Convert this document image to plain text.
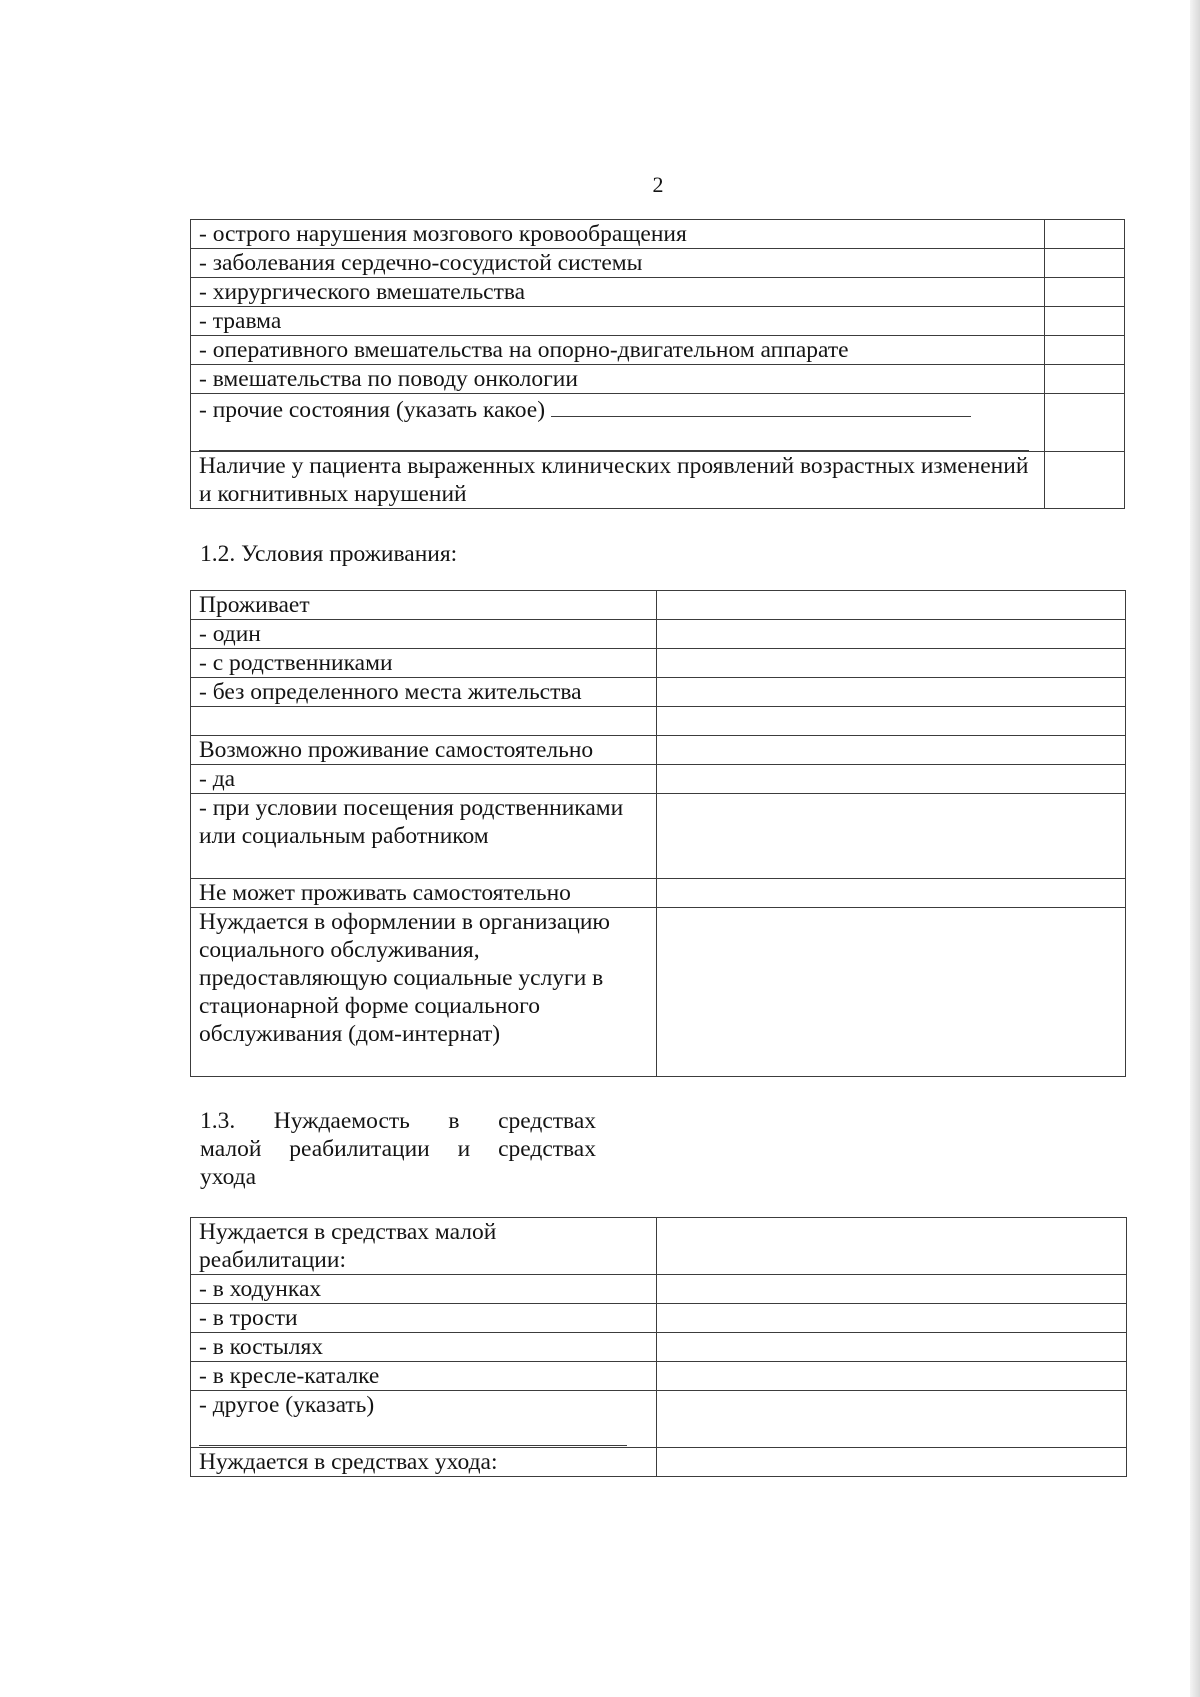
2
- острого нарушения мозгового кровообращения	
- заболевания сердечно-сосудистой системы	
- хирургического вмешательства	
- травма	
- оперативного вмешательства на опорно-двигательном аппарате	
- вмешательства по поводу онкологии	
- прочие состояния (указать какое)

Наличие у пациента выраженных клинических проявлений возрастных изменений и когнитивных нарушений	
1.2. Условия проживания:
Проживает	
- один	
- с родственниками	
- без определенного места жительства	

Возможно проживание самостоятельно	
- да	
- при условии посещения родственниками или социальным работником	
Не может проживать самостоятельно	
Нуждается в оформлении в организацию социального обслуживания, предоставляющую социальные услуги в стационарной форме социального обслуживания (дом-интернат)	
1.3. Нуждаемость в средствах
малой реабилитации и средствах
ухода
Нуждается в средствах малой реабилитации:	
- в ходунках	
- в трости	
- в костылях	
- в кресле-каталке	
- другое (указать)

Нуждается в средствах ухода:	
